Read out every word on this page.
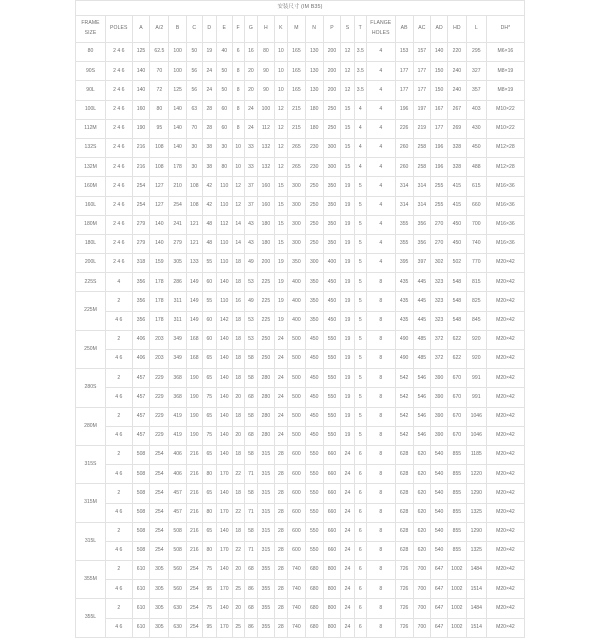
安装尺寸 (IM B35)																							

FRAME
SIZE
	POLES	A	A/2	B	C	D	E	F	G	H	K	M	N	P	S	T	
FLANGE
HOLES
	AB	AC	AD	HD	L	DH*
80	2 4 6	125	62.5	100	50	19	40	6	16	80	10	165	130	200	12	3.5	4	153	157	140	220	295	M6×16
90S	2 4 6	140	70	100	56	24	50	8	20	90	10	165	130	200	12	3.5	4	177	177	150	240	327	M8×19
90L	2 4 6	140	72	125	56	24	50	8	20	90	10	165	130	200	12	3.5	4	177	177	150	240	357	M8×19
100L	2 4 6	160	80	140	63	28	60	8	24	100	12	215	180	250	15	4	4	196	197	167	267	403	M10×22
112M	2 4 6	190	95	140	70	28	60	8	24	112	12	215	180	250	15	4	4	226	219	177	269	430	M10×22
132S	2 4 6	216	108	140	30	38	30	10	33	132	12	265	230	300	15	4	4	260	258	196	328	450	M12×28
132M	2 4 6	216	108	178	30	38	80	10	33	132	12	265	230	300	15	4	4	260	258	196	328	488	M12×28
160M	2 4 6	254	127	210	108	42	110	12	37	160	15	300	250	350	19	5	4	314	314	255	415	615	M16×36
160L	2 4 6	254	127	254	108	42	110	12	37	160	15	300	250	350	19	5	4	314	314	255	415	660	M16×36
180M	2 4 6	279	140	241	121	48	112	14	43	180	15	300	250	350	19	5	4	355	356	270	450	700	M16×36
180L	2 4 6	279	140	279	121	48	110	14	43	180	15	300	250	350	19	5	4	355	356	270	450	740	M16×36
200L	2 4 6	318	159	305	133	55	110	18	49	200	19	350	300	400	19	5	4	395	397	302	502	770	M20×42
225S	4	356	178	286	149	60	140	18	53	225	19	400	350	450	19	5	8	435	445	323	548	815	M20×42
225M	2	356	178	311	149	55	110	16	49	225	19	400	350	450	19	5	8	435	445	323	548	825	M20×42
	4 6	356	178	311	149	60	142	18	53	225	19	400	350	450	19	5	8	435	445	323	548	845	M20×42
250M	2	406	203	349	168	60	140	18	53	250	24	500	450	550	19	5	8	490	485	372	622	920	M20×42
	4 6	406	203	349	168	65	140	18	58	250	24	500	450	550	19	5	8	490	485	372	622	920	M20×42
280S	2	457	229	368	190	65	140	18	58	280	24	500	450	550	19	5	8	542	546	390	670	991	M20×42
	4 6	457	229	368	190	75	140	20	68	280	24	500	450	550	19	5	8	542	546	390	670	991	M20×42
280M	2	457	229	419	190	65	140	18	58	280	24	500	450	550	19	5	8	542	546	390	670	1046	M20×42
	4 6	457	229	419	190	75	140	20	68	280	24	500	450	550	19	5	8	542	546	390	670	1046	M20×42
315S	2	508	254	406	216	65	140	18	58	315	28	600	550	660	24	6	8	628	620	540	855	1185	M20×42
	4 6	508	254	406	216	80	170	22	71	315	28	600	550	660	24	6	8	628	620	540	855	1220	M20×42
315M	2	508	254	457	216	65	140	18	58	315	28	600	550	660	24	6	8	628	620	540	855	1290	M20×42
	4 6	508	254	457	216	80	170	22	71	315	28	600	550	660	24	6	8	628	620	540	855	1325	M20×42
315L	2	508	254	508	216	65	140	18	58	315	28	600	550	660	24	6	8	628	620	540	855	1290	M20×42
	4 6	508	254	508	216	80	170	22	71	315	28	600	550	660	24	6	8	628	620	540	855	1325	M20×42
355M	2	610	305	560	254	75	140	20	68	355	28	740	680	800	24	6	8	726	700	647	1002	1484	M20×42
	4 6	610	305	560	254	95	170	25	86	355	28	740	680	800	24	6	8	726	700	647	1002	1514	M20×42
355L	2	610	305	630	254	75	140	20	68	355	28	740	680	800	24	6	8	726	700	647	1002	1484	M20×42
	4 6	610	305	630	254	95	170	25	86	355	28	740	680	800	24	6	8	726	700	647	1002	1514	M20×42
